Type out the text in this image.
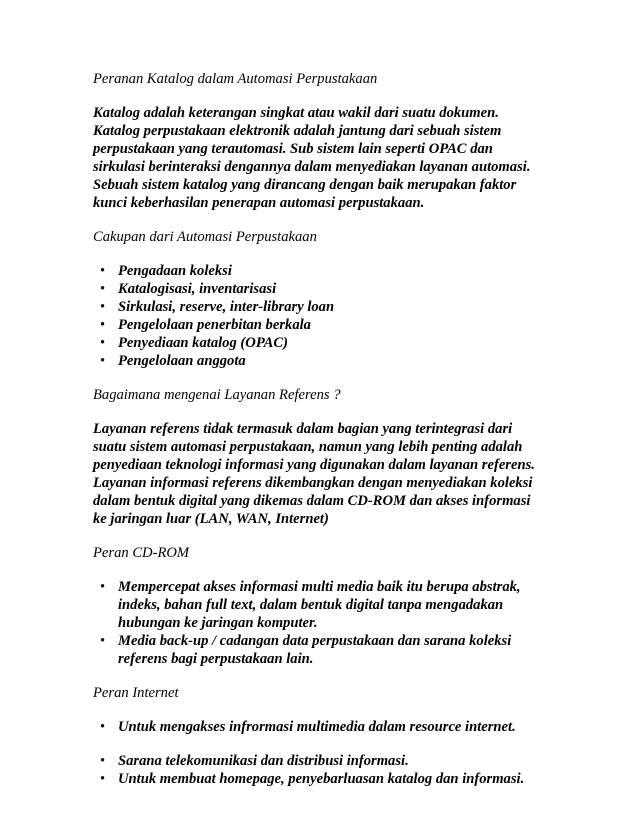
Peranan Katalog dalam Automasi Perpustakaan
Katalog adalah keterangan singkat atau wakil dari suatu dokumen.
Katalog perpustakaan elektronik adalah jantung dari sebuah sistem
perpustakaan yang terautomasi. Sub sistem lain seperti OPAC dan
sirkulasi berinteraksi dengannya dalam menyediakan layanan automasi.
Sebuah sistem katalog yang dirancang dengan baik merupakan faktor
kunci keberhasilan penerapan automasi perpustakaan.
Cakupan dari Automasi Perpustakaan
• Pengadaan koleksi
• Katalogisasi, inventarisasi
• Sirkulasi, reserve, inter-library loan
• Pengelolaan penerbitan berkala
• Penyediaan katalog (OPAC)
• Pengelolaan anggota
Bagaimana mengenai Layanan Referens ?
Layanan referens tidak termasuk dalam bagian yang terintegrasi dari
suatu sistem automasi perpustakaan, namun yang lebih penting adalah
penyediaan teknologi informasi yang digunakan dalam layanan referens.
Layanan informasi referens dikembangkan dengan menyediakan koleksi
dalam bentuk digital yang dikemas dalam CD-ROM dan akses informasi
ke jaringan luar (LAN, WAN, Internet)
Peran CD-ROM
• Mempercepat akses informasi multi media baik itu berupa abstrak,
indeks, bahan full text, dalam bentuk digital tanpa mengadakan
hubungan ke jaringan komputer.
• Media back-up / cadangan data perpustakaan dan sarana koleksi
referens bagi perpustakaan lain.
Peran Internet
• Untuk mengakses infrormasi multimedia dalam resource internet.
• Sarana telekomunikasi dan distribusi informasi.
• Untuk membuat homepage, penyebarluasan katalog dan informasi.
